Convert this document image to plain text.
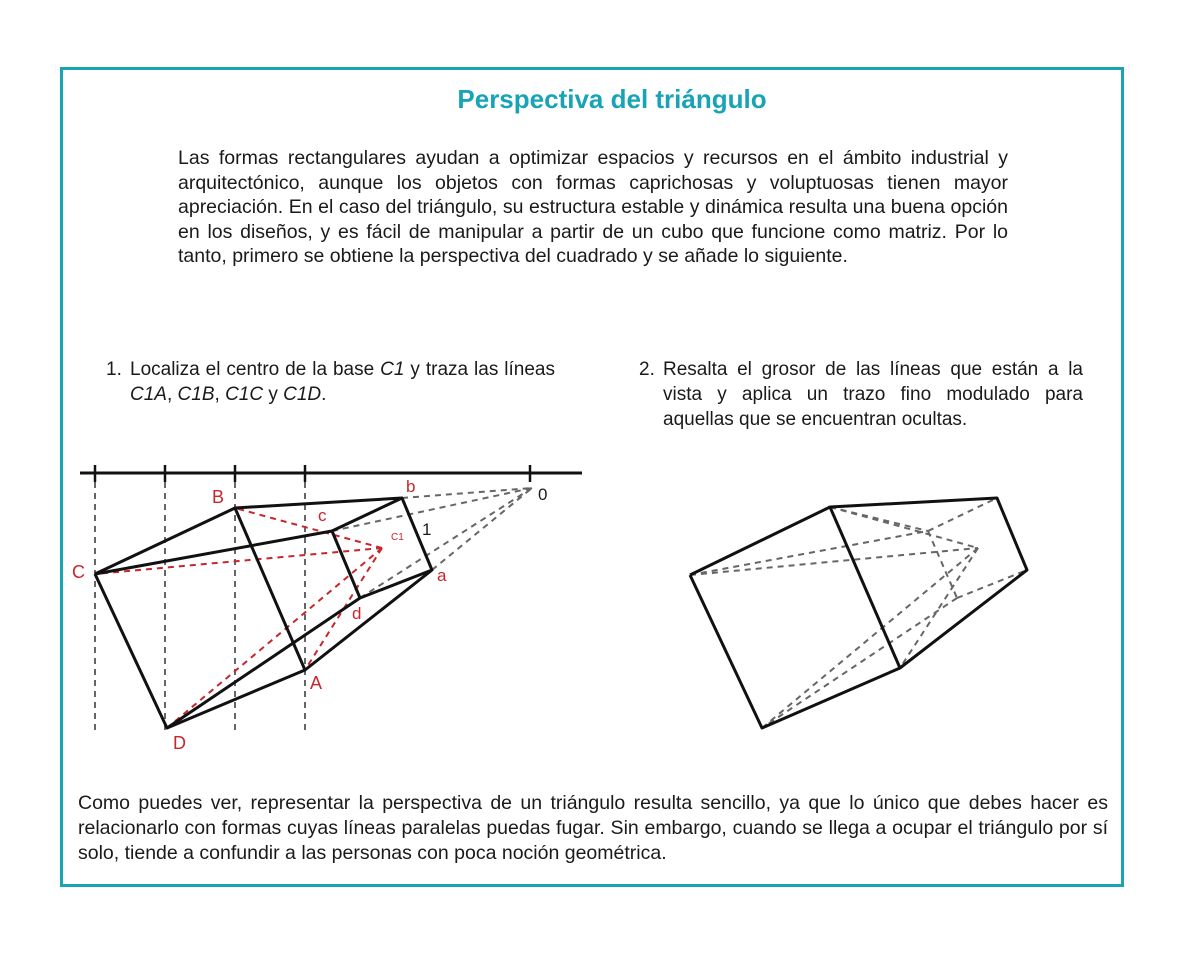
Perspectiva del triángulo
Las formas rectangulares ayudan a optimizar espacios y recursos en el ámbito industrial y arquitectónico, aunque los objetos con formas caprichosas y voluptuosas tienen mayor apreciación. En el caso del triángulo, su estructura estable y dinámica resulta una buena opción en los diseños, y es fácil de manipular a partir de un cubo que funcione como matriz. Por lo tanto, primero se obtiene la perspectiva del cuadrado y se añade lo siguiente.
1. Localiza el centro de la base C1 y traza las líneas C1A, C1B, C1C y C1D.
2. Resalta el grosor de las líneas que están a la vista y aplica un trazo fino modulado para aquellas que se encuentran ocultas.
B
C
D
A
b
c
d
a
C1
0
1
Como puedes ver, representar la perspectiva de un triángulo resulta sencillo, ya que lo único que debes hacer es relacionarlo con formas cuyas líneas paralelas puedas fugar. Sin embargo, cuando se llega a ocupar el triángulo por sí solo, tiende a confundir a las personas con poca noción geométrica.
